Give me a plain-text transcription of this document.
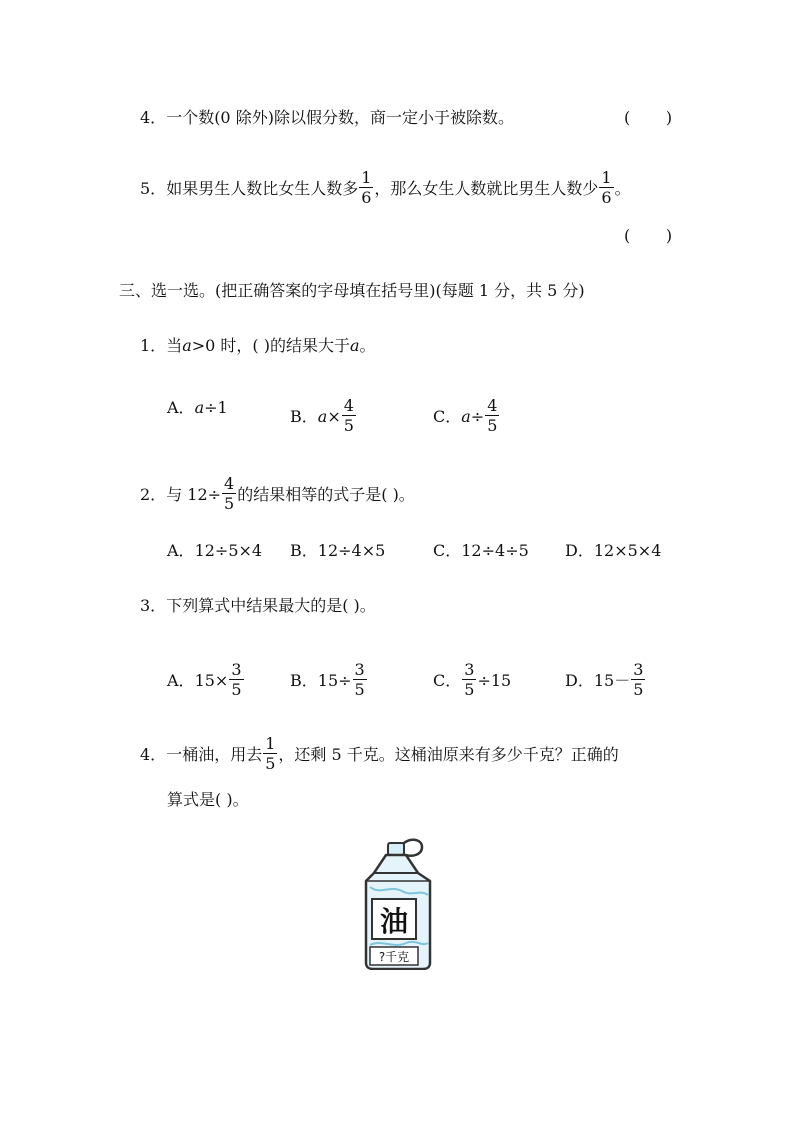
4．一个数(0 除外)除以假分数，商一定小于被除数。	(       )
5．如果男生人数比女生人数多 $\frac{1}{6}$ ，那么女生人数就比男生人数少 $\frac{1}{6}$ 。
(       )
三、选一选。(把正确答案的字母填在括号里)(每题 1 分，共 5 分)
1．当a>0 时，( )的结果大于a。
A．a÷1	B．$a\times \frac{4}{5}$	C．$a\div \frac{4}{5}$
2．与 $12\div \frac{4}{5}$ 的结果相等的式子是( )。
A．12÷5×4 B．12÷4×5	C．12÷4÷5 D．12×5×4
3．下列算式中结果最大的是( )。
A．$15\times \frac{3}{5}$	B．$15\div \frac{3}{5}$	C． $\frac{3}{5} \div 15$	D．$15- \frac{3}{5}$
4．一桶油，用去 $\frac{1}{5}$ ，还剩 5 千克。这桶油原来有多少千克？正确的
算式是( )。
油
?千克
